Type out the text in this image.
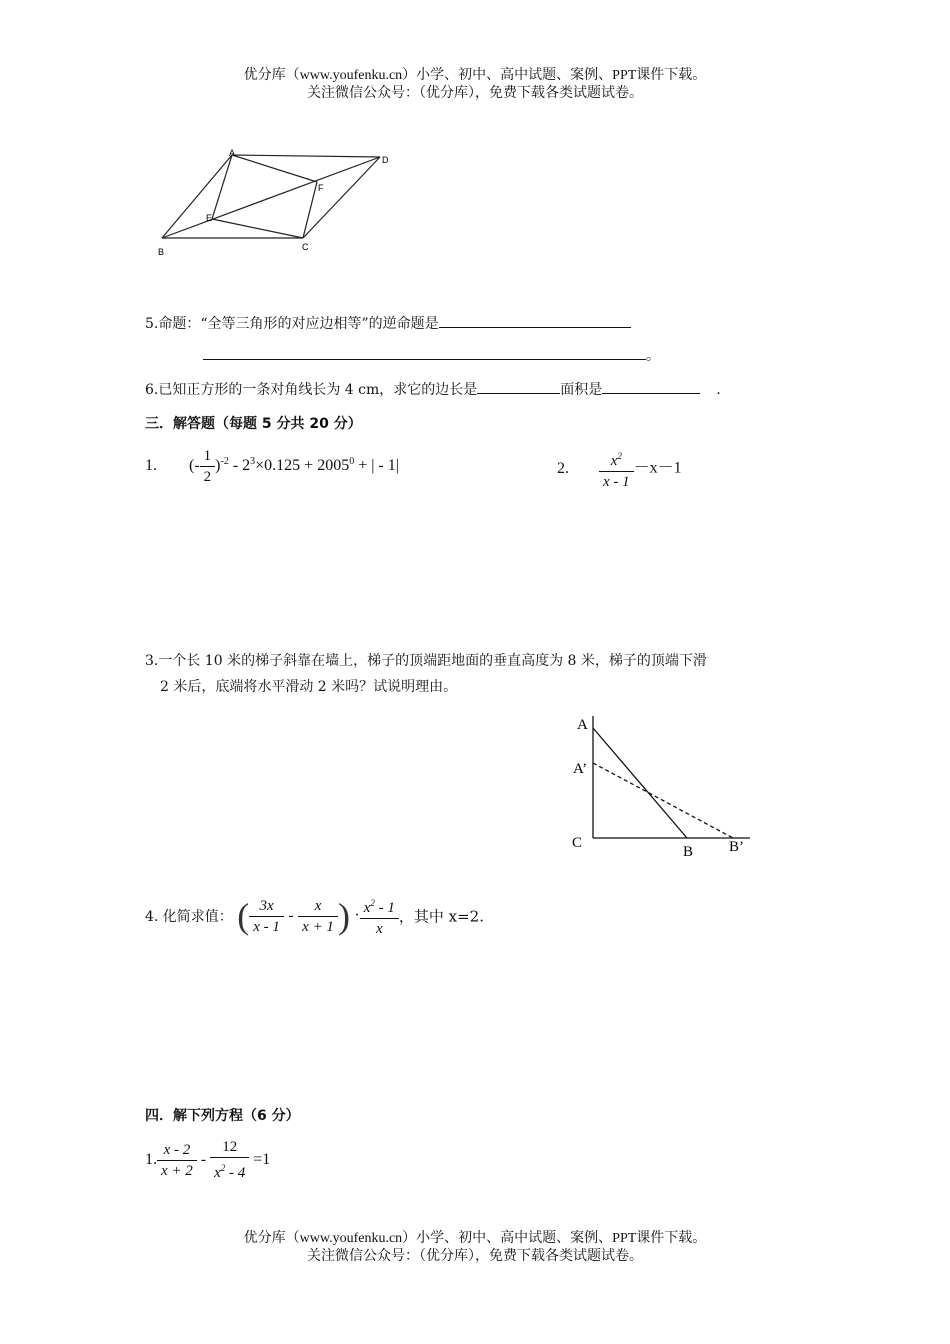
优分库（www.youfenku.cn）小学、初中、高中试题、案例、PPT课件下载。
关注微信公众号：（优分库），免费下载各类试题试卷。
A
D
F
E
B	C
5.命题：“全等三角形的对应边相等”的逆命题是
。
6.已知正方形的一条对角线长为 4 cm，求它的边长是	面积是	.
三．解答题（每题 5 分共 20 分）
1. (- $\frac{1}{2} )^{-2} - 2^3\times 0.125 + 2005^0$ + | - 1|	2. $\frac{x^2}{x - 1} -x-1$
3.一个长 10 米的梯子斜靠在墙上，梯子的顶端距地面的垂直高度为 8 米，梯子的顶端下滑
2 米后，底端将水平滑动 2 米吗？试说明理由。
A
A’
C
B B’
4. 化简求值： ( $\frac{3x}{x - 1} - \frac{x}{x + 1}$ ) · $\frac{x^2 - 1}{x}$ ，其中 x=2.
四．解下列方程（6 分）
1. $\frac{x - 2}{x + 2} - \frac{12}{x^2 - 4} =1$
优分库（www.youfenku.cn）小学、初中、高中试题、案例、PPT课件下载。
关注微信公众号：（优分库），免费下载各类试题试卷。
